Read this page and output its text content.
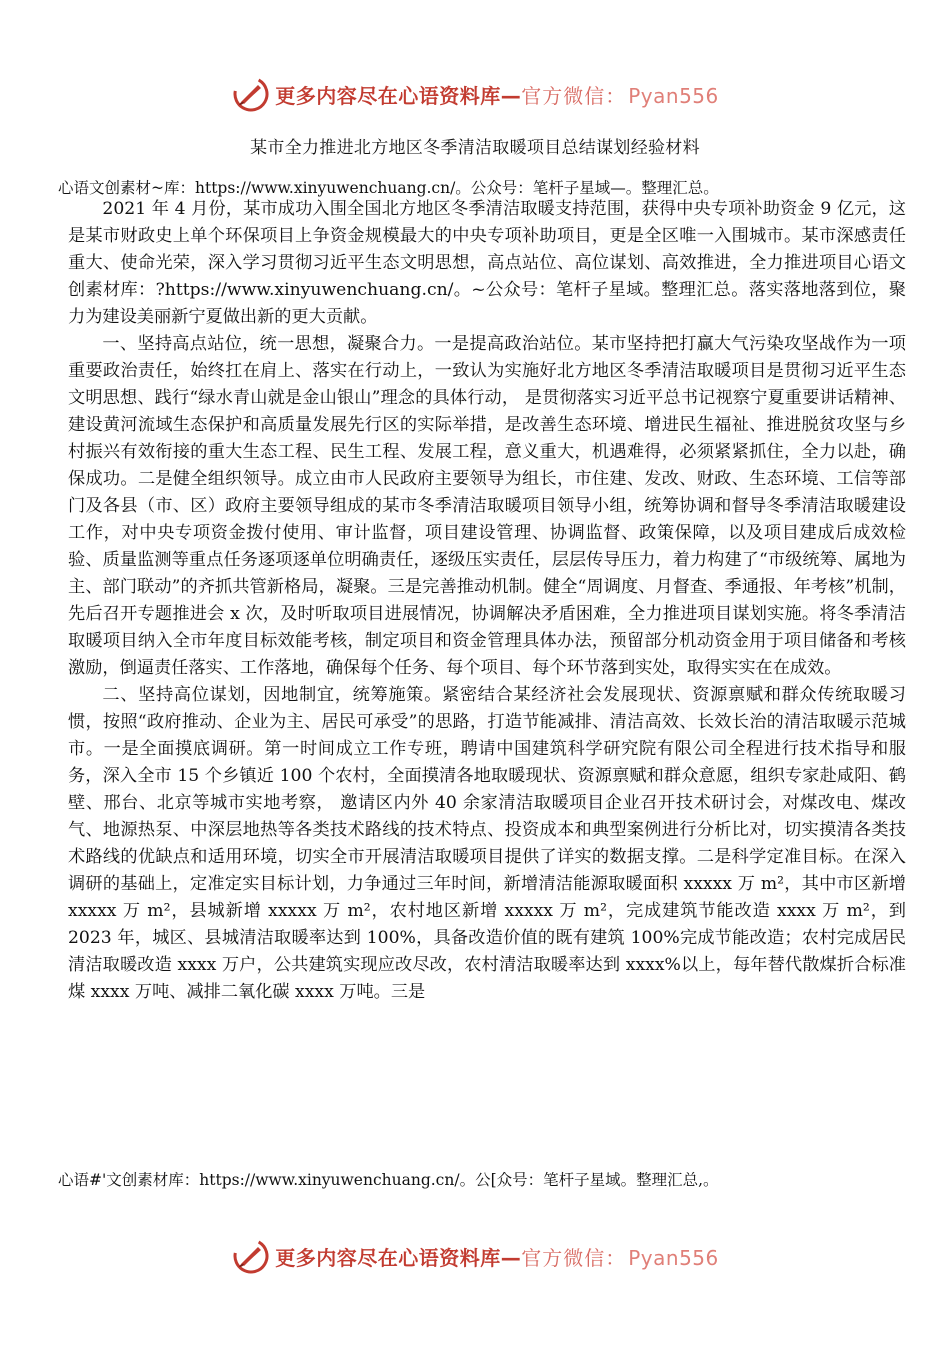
更多内容尽在心语资料库 — 官方微信： Pyan556
某市全力推进北方地区冬季清洁取暖项目总结谋划经验材料
心语文创素材~库：https://www.xinyuwenchuang.cn/。公众号：笔杆子星域—。整理汇总。

2021 年 4 月份，某市成功入围全国北方地区冬季清洁取暖支持范围，获得中央专项补助资金 9 亿元，这是某市财政史上单个环保项目上争资金规模最大的中央专项补助项目，更是全区唯一入围城市。某市深感责任重大、使命光荣，深入学习贯彻习近平生态文明思想，高点站位、高位谋划、高效推进，全力推进项目心语文创素材库：?https://www.xinyuwenchuang.cn/。~公众号：笔杆子星域。整理汇总。落实落地落到位，聚力为建设美丽新宁夏做出新的更大贡献。

一、坚持高点站位，统一思想，凝聚合力。一是提高政治站位。某市坚持把打赢大气污染攻坚战作为一项重要政治责任，始终扛在肩上、落实在行动上，一致认为实施好北方地区冬季清洁取暖项目是贯彻习近平生态文明思想、践行“绿水青山就是金山银山”理念的具体行动， 是贯彻落实习近平总书记视察宁夏重要讲话精神、建设黄河流域生态保护和高质量发展先行区的实际举措，是改善生态环境、增进民生福祉、推进脱贫攻坚与乡村振兴有效衔接的重大生态工程、民生工程、发展工程，意义重大，机遇难得，必须紧紧抓住，全力以赴，确保成功。二是健全组织领导。成立由市人民政府主要领导为组长，市住建、发改、财政、生态环境、工信等部门及各县（市、区）政府主要领导组成的某市冬季清洁取暖项目领导小组，统筹协调和督导冬季清洁取暖建设工作，对中央专项资金拨付使用、审计监督，项目建设管理、协调监督、政策保障，以及项目建成后成效检验、质量监测等重点任务逐项逐单位明确责任，逐级压实责任，层层传导压力，着力构建了“市级统筹、属地为主、部门联动”的齐抓共管新格局，凝聚。三是完善推动机制。健全“周调度、月督查、季通报、年考核”机制，先后召开专题推进会 x 次，及时听取项目进展情况，协调解决矛盾困难，全力推进项目谋划实施。将冬季清洁取暖项目纳入全市年度目标效能考核，制定项目和资金管理具体办法，预留部分机动资金用于项目储备和考核激励，倒逼责任落实、工作落地，确保每个任务、每个项目、每个环节落到实处，取得实实在在成效。

二、坚持高位谋划，因地制宜，统筹施策。紧密结合某经济社会发展现状、资源禀赋和群众传统取暖习惯，按照“政府推动、企业为主、居民可承受”的思路，打造节能减排、清洁高效、长效长治的清洁取暖示范城市。一是全面摸底调研。第一时间成立工作专班，聘请中国建筑科学研究院有限公司全程进行技术指导和服务，深入全市 15 个乡镇近 100 个农村，全面摸清各地取暖现状、资源禀赋和群众意愿，组织专家赴咸阳、鹤壁、邢台、北京等城市实地考察， 邀请区内外 40 余家清洁取暖项目企业召开技术研讨会，对煤改电、煤改气、地源热泵、中深层地热等各类技术路线的技术特点、投资成本和典型案例进行分析比对，切实摸清各类技术路线的优缺点和适用环境，切实全市开展清洁取暖项目提供了详实的数据支撑。二是科学定准目标。在深入调研的基础上，定准定实目标计划，力争通过三年时间，新增清洁能源取暖面积 xxxxx 万 m²，其中市区新增 xxxxx 万 m²，县城新增 xxxxx 万 m²，农村地区新增 xxxxx 万 m²，完成建筑节能改造 xxxx 万 m²，到 2023 年，城区、县城清洁取暖率达到 100%，具备改造价值的既有建筑 100%完成节能改造；农村完成居民清洁取暖改造 xxxx 万户，公共建筑实现应改尽改，农村清洁取暖率达到 xxxx%以上，每年替代散煤折合标准煤 xxxx 万吨、减排二氧化碳 xxxx 万吨。三是

心语#'文创素材库：https://www.xinyuwenchuang.cn/。公[众号：笔杆子星域。整理汇总,。
更多内容尽在心语资料库 — 官方微信： Pyan556
